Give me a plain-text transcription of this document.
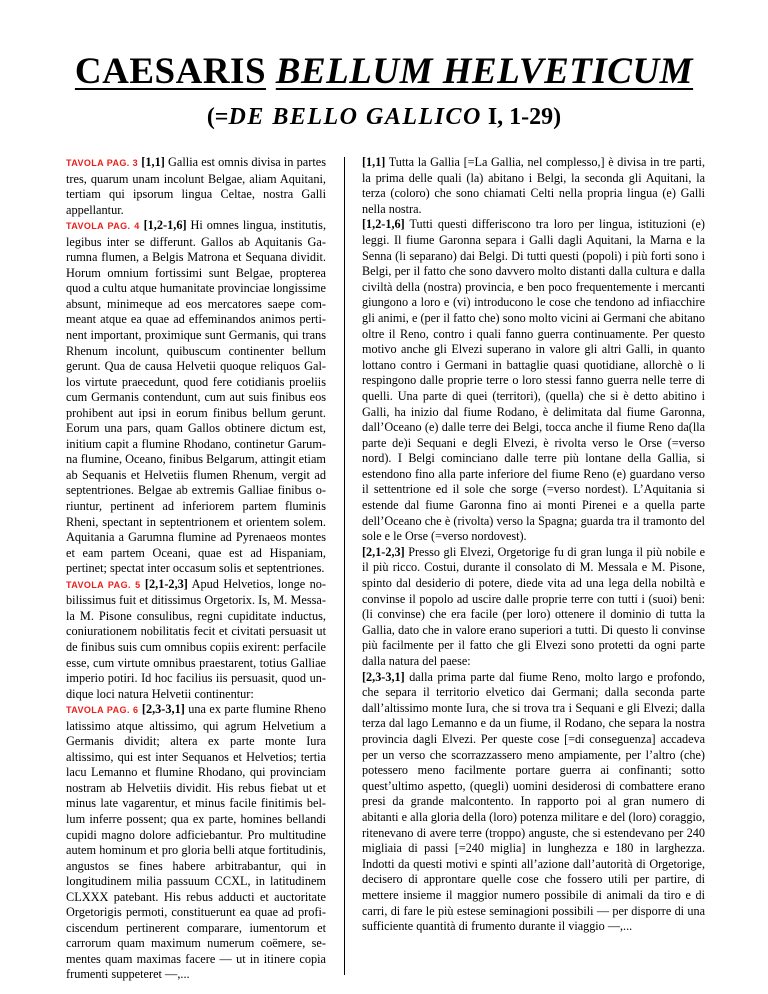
CAESARIS BELLUM HELVETICUM
(=DE BELLO GALLICO I, 1-29)

TAVOLA PAG. 3 [1,1] Gallia est omnis divisa in partes tres, quarum unam incolunt Belgae, aliam Aquitani, tertiam qui ipsorum lingua Celtae, nostra Galli appellantur.

TAVOLA PAG. 4 [1,2-1,6] Hi omnes lingua, institutis, legibus inter se differunt. Gallos ab Aquitanis Garumna flumen, a Belgis Matrona et Sequana dividit. Horum omnium fortissimi sunt Belgae, propterea quod a cultu atque humanitate provinciae longissime absunt, minimeque ad eos mercatores saepe commeant atque ea quae ad effeminandos animos pertinent important, proximique sunt Germanis, qui trans Rhenum incolunt, quibuscum continenter bellum gerunt. Qua de causa Helvetii quoque reliquos Gallos virtute praecedunt, quod fere cotidianis proeliis cum Germanis contendunt, cum aut suis finibus eos prohibent aut ipsi in eorum finibus bellum gerunt. Eorum una pars, quam Gallos obtinere dictum est, initium capit a flumine Rhodano, continetur Garumna flumine, Oceano, finibus Belgarum, attingit etiam ab Sequanis et Helvetiis flumen Rhenum, vergit ad septentriones. Belgae ab extremis Galliae finibus oriuntur, pertinent ad inferiorem partem fluminis Rheni, spectant in septentrionem et orientem solem. Aquitania a Garumna flumine ad Pyrenaeos montes et eam partem Oceani, quae est ad Hispaniam, pertinet; spectat inter occasum solis et septentriones.

TAVOLA PAG. 5 [2,1-2,3] Apud Helvetios, longe nobilissimus fuit et ditissimus Orgetorix. Is, M. Messala M. Pisone consulibus, regni cupiditate inductus, coniurationem nobilitatis fecit et civitati persuasit ut de finibus suis cum omnibus copiis exirent: perfacile esse, cum virtute omnibus praestarent, totius Galliae imperio potiri. Id hoc facilius iis persuasit, quod undique loci natura Helvetii continentur:

TAVOLA PAG. 6 [2,3-3,1] una ex parte flumine Rheno latissimo atque altissimo, qui agrum Helvetium a Germanis dividit; altera ex parte monte Iura altissimo, qui est inter Sequanos et Helvetios; tertia lacu Lemanno et flumine Rhodano, qui provinciam nostram ab Helvetiis dividit. His rebus fiebat ut et minus late vagarentur, et minus facile finitimis bellum inferre possent; qua ex parte, homines bellandi cupidi magno dolore adficiebantur. Pro multitudine autem hominum et pro gloria belli atque fortitudinis, angustos se fines habere arbitrabantur, qui in longitudinem milia passuum CCXL, in latitudinem CLXXX patebant. His rebus adducti et auctoritate Orgetorigis permoti, constituerunt ea quae ad proficiscendum pertinerent comparare, iumentorum et carrorum quam maximum numerum coëmere, sementes quam maximas facere — ut in itinere copia frumenti suppeteret —,...

[1,1] Tutta la Gallia [=La Gallia, nel complesso,] è divisa in tre parti, la prima delle quali (la) abitano i Belgi, la seconda gli Aquitani, la terza (coloro) che sono chiamati Celti nella propria lingua (e) Galli nella nostra.

[1,2-1,6] Tutti questi differiscono tra loro per lingua, istituzioni (e) leggi. Il fiume Garonna separa i Galli dagli Aquitani, la Marna e la Senna (li separano) dai Belgi. Di tutti questi (popoli) i più forti sono i Belgi, per il fatto che sono davvero molto distanti dalla cultura e dalla civiltà della (nostra) provincia, e ben poco frequentemente i mercanti giungono a loro e (vi) introducono le cose che tendono ad infiacchire gli animi, e (per il fatto che) sono molto vicini ai Germani che abitano oltre il Reno, contro i quali fanno guerra continuamente. Per questo motivo anche gli Elvezi superano in valore gli altri Galli, in quanto lottano contro i Germani in battaglie quasi quotidiane, allorchè o li respingono dalle proprie terre o loro stessi fanno guerra nelle terre di quelli. Una parte di quei (territori), (quella) che si è detto abitino i Galli, ha inizio dal fiume Rodano, è delimitata dal fiume Garonna, dall’Oceano (e) dalle terre dei Belgi, tocca anche il fiume Reno da(lla parte de)i Sequani e degli Elvezi, è rivolta verso le Orse (=verso nord). I Belgi cominciano dalle terre più lontane della Gallia, si estendono fino alla parte inferiore del fiume Reno (e) guardano verso il settentrione ed il sole che sorge (=verso nordest). L’Aquitania si estende dal fiume Garonna fino ai monti Pirenei e a quella parte dell’Oceano che è (rivolta) verso la Spagna; guarda tra il tramonto del sole e le Orse (=verso nordovest).

[2,1-2,3] Presso gli Elvezi, Orgetorige fu di gran lunga il più nobile e il più ricco. Costui, durante il consolato di M. Messala e M. Pisone, spinto dal desiderio di potere, diede vita ad una lega della nobiltà e convinse il popolo ad uscire dalle proprie terre con tutti i (suoi) beni: (li convinse) che era facile (per loro) ottenere il dominio di tutta la Gallia, dato che in valore erano superiori a tutti. Di questo li convinse più facilmente per il fatto che gli Elvezi sono protetti da ogni parte dalla natura del paese:

[2,3-3,1] dalla prima parte dal fiume Reno, molto largo e profondo, che separa il territorio elvetico dai Germani; dalla seconda parte dall’altissimo monte Iura, che si trova tra i Sequani e gli Elvezi; dalla terza dal lago Lemanno e da un fiume, il Rodano, che separa la nostra provincia dagli Elvezi. Per queste cose [=di conseguenza] accadeva per un verso che scorrazzassero meno ampiamente, per l’altro (che) potessero meno facilmente portare guerra ai confinanti; sotto quest’ultimo aspetto, (quegli) uomini desiderosi di combattere erano presi da grande malcontento. In rapporto poi al gran numero di abitanti e alla gloria della (loro) potenza militare e del (loro) coraggio, ritenevano di avere terre (troppo) anguste, che si estendevano per 240 migliaia di passi [=240 miglia] in lunghezza e 180 in larghezza. Indotti da questi motivi e spinti all’azione dall’autorità di Orgetorige, decisero di approntare quelle cose che fossero utili per partire, di mettere insieme il maggior numero possibile di animali da tiro e di carri, di fare le più estese seminagioni possibili — per disporre di una sufficiente quantità di frumento durante il viaggio —,...
